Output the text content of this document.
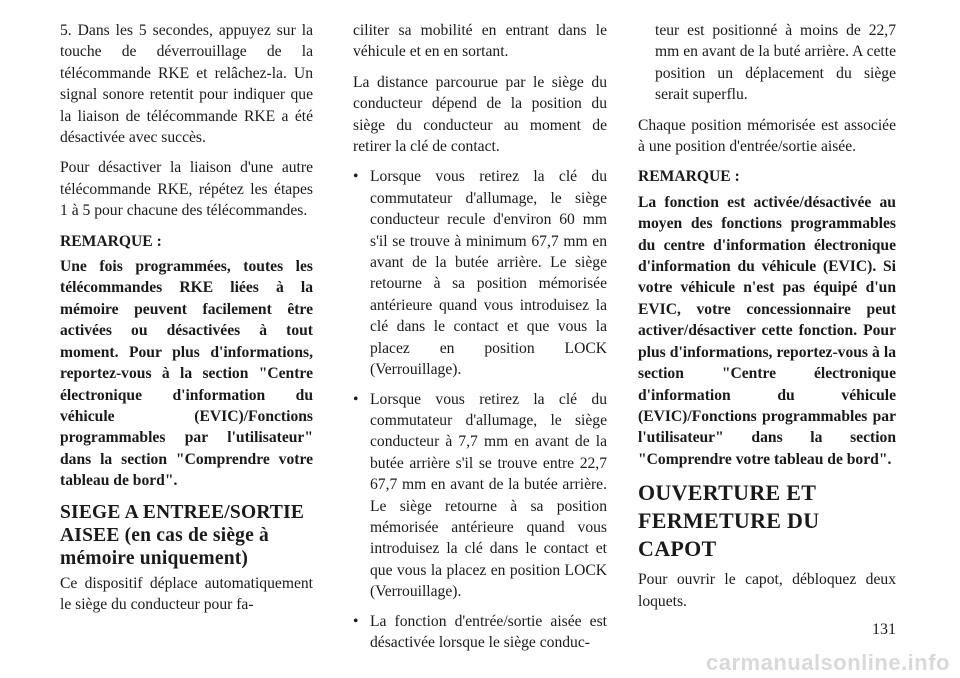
5. Dans les 5 secondes, appuyez sur la touche de déverrouillage de la télécommande RKE et relâchez-la. Un signal sonore retentit pour indiquer que la liaison de télécommande RKE a été désactivée avec succès.

Pour désactiver la liaison d'une autre télécommande RKE, répétez les étapes 1 à 5 pour chacune des télécommandes.

REMARQUE :

Une fois programmées, toutes les télécommandes RKE liées à la mémoire peuvent facilement être activées ou désactivées à tout moment. Pour plus d'informations, reportez-vous à la section "Centre électronique d'information du véhicule (EVIC)/Fonctions programmables par l'utilisateur" dans la section "Comprendre votre tableau de bord".

SIEGE A ENTREE/SORTIE AISEE (en cas de siège à mémoire uniquement)

Ce dispositif déplace automatiquement le siège du conducteur pour fa-

ciliter sa mobilité en entrant dans le véhicule et en en sortant.

La distance parcourue par le siège du conducteur dépend de la position du siège du conducteur au moment de retirer la clé de contact.

• Lorsque vous retirez la clé du commutateur d'allumage, le siège conducteur recule d'environ 60 mm s'il se trouve à minimum 67,7 mm en avant de la butée arrière. Le siège retourne à sa position mémorisée antérieure quand vous introduisez la clé dans le contact et que vous la placez en position LOCK (Verrouillage).
• Lorsque vous retirez la clé du commutateur d'allumage, le siège conducteur à 7,7 mm en avant de la butée arrière s'il se trouve entre 22,7 67,7 mm en avant de la butée arrière. Le siège retourne à sa position mémorisée antérieure quand vous introduisez la clé dans le contact et que vous la placez en position LOCK (Verrouillage).
• La fonction d'entrée/sortie aisée est désactivée lorsque le siège conduc-

teur est positionné à moins de 22,7 mm en avant de la buté arrière. A cette position un déplacement du siège serait superflu.

Chaque position mémorisée est associée à une position d'entrée/sortie aisée.

REMARQUE :

La fonction est activée/désactivée au moyen des fonctions programmables du centre d'information électronique d'information du véhicule (EVIC). Si votre véhicule n'est pas équipé d'un EVIC, votre concessionnaire peut activer/désactiver cette fonction. Pour plus d'informations, reportez-vous à la section "Centre électronique d'information du véhicule (EVIC)/Fonctions programmables par l'utilisateur" dans la section "Comprendre votre tableau de bord".

OUVERTURE ET FERMETURE DU CAPOT

Pour ouvrir le capot, débloquez deux loquets.

131
carmanualsonline.info
